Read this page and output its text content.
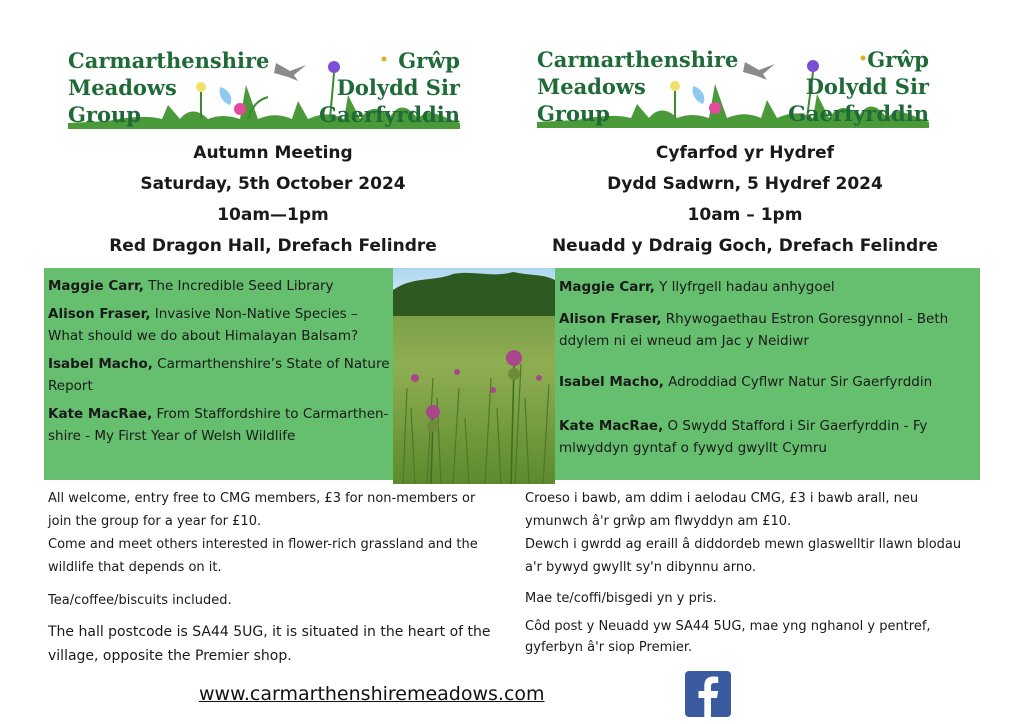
Carmarthenshire
Meadows
Group
Grŵp
Dolydd Sir
Gaerfyrddin
Carmarthenshire
Meadows
Group
Grŵp
Dolydd Sir
Gaerfyrddin
Autumn Meeting
Saturday, 5th October 2024
10am—1pm
Red Dragon Hall, Drefach Felindre
Cyfarfod yr Hydref
Dydd Sadwrn, 5 Hydref 2024
10am – 1pm
Neuadd y Ddraig Goch, Drefach Felindre
Maggie Carr, The Incredible Seed Library
Alison Fraser, Invasive Non-Native Species – What should we do about Himalayan Balsam?
Isabel Macho, Carmarthenshire’s State of Nature Report
Kate MacRae, From Staffordshire to Carmarthen-shire - My First Year of Welsh Wildlife
Maggie Carr, Y llyfrgell hadau anhygoel
Alison Fraser, Rhywogaethau Estron Goresgynnol - Beth ddylem ni ei wneud am Jac y Neidiwr
Isabel Macho, Adroddiad Cyflwr Natur Sir Gaerfyrddin
Kate MacRae, O Swydd Stafford i Sir Gaerfyrddin - Fy mlwyddyn gyntaf o fywyd gwyllt Cymru

All welcome, entry free to CMG members, £3 for non-members or join the group for a year for £10.

Come and meet others interested in flower-rich grassland and the wildlife that depends on it.

Tea/coffee/biscuits included.

The hall postcode is SA44 5UG, it is situated in the heart of the village, opposite the Premier shop.

Croeso i bawb, am ddim i aelodau CMG, £3 i bawb arall, neu ymunwch â'r grŵp am flwyddyn am £10.

Dewch i gwrdd ag eraill â diddordeb mewn glaswelltir llawn blodau a'r bywyd gwyllt sy'n dibynnu arno.

Mae te/coffi/bisgedi yn y pris.

Côd post y Neuadd yw SA44 5UG, mae yng nghanol y pentref, gyferbyn â'r siop Premier.

www.carmarthenshiremeadows.com
